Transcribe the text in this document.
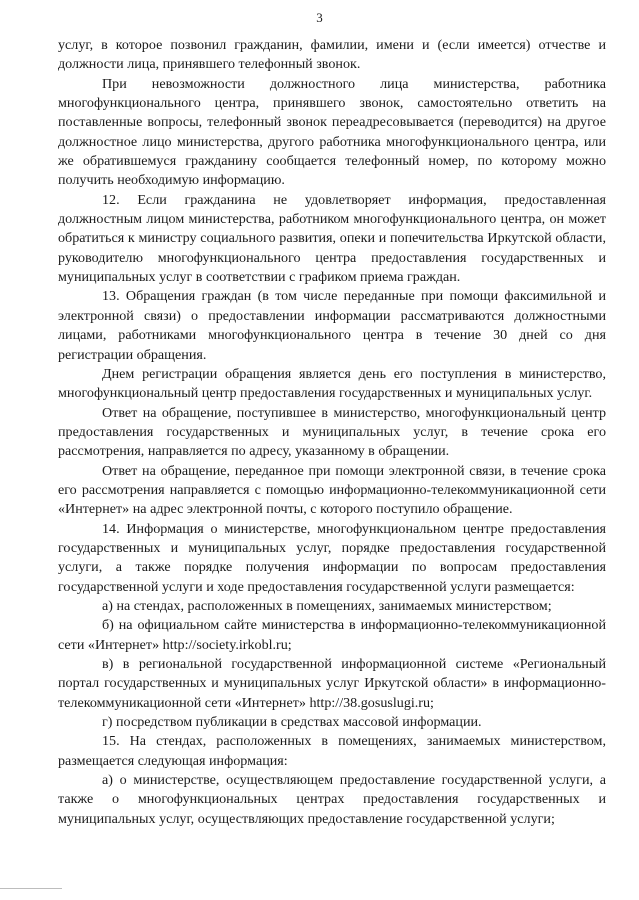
3

услуг, в которое позвонил гражданин, фамилии, имени и (если имеется) отчестве и должности лица, принявшего телефонный звонок.

При невозможности должностного лица министерства, работника многофункционального центра, принявшего звонок, самостоятельно ответить на поставленные вопросы, телефонный звонок переадресовывается (переводится) на другое должностное лицо министерства, другого работника многофункционального центра, или же обратившемуся гражданину сообщается телефонный номер, по которому можно получить необходимую информацию.

12. Если гражданина не удовлетворяет информация, предоставленная должностным лицом министерства, работником многофункционального центра, он может обратиться к министру социального развития, опеки и попечительства Иркутской области, руководителю многофункционального центра предоставления государственных и муниципальных услуг в соответствии с графиком приема граждан.

13. Обращения граждан (в том числе переданные при помощи факсимильной и электронной связи) о предоставлении информации рассматриваются должностными лицами, работниками многофункционального центра в течение 30 дней со дня регистрации обращения.

Днем регистрации обращения является день его поступления в министерство, многофункциональный центр предоставления государственных и муниципальных услуг.

Ответ на обращение, поступившее в министерство, многофункциональный центр предоставления государственных и муниципальных услуг, в течение срока его рассмотрения, направляется по адресу, указанному в обращении.

Ответ на обращение, переданное при помощи электронной связи, в течение срока его рассмотрения направляется с помощью информационно-телекоммуникационной сети «Интернет» на адрес электронной почты, с которого поступило обращение.

14. Информация о министерстве, многофункциональном центре предоставления государственных и муниципальных услуг, порядке предоставления государственной услуги, а также порядке получения информации по вопросам предоставления государственной услуги и ходе предоставления государственной услуги размещается:

а) на стендах, расположенных в помещениях, занимаемых министерством;

б) на официальном сайте министерства в информационно-телекоммуникационной сети «Интернет» http://society.irkobl.ru;

в) в региональной государственной информационной системе «Региональный портал государственных и муниципальных услуг Иркутской области» в информационно-телекоммуникационной сети «Интернет» http://38.gosuslugi.ru;

г) посредством публикации в средствах массовой информации.

15. На стендах, расположенных в помещениях, занимаемых министерством, размещается следующая информация:

а) о министерстве, осуществляющем предоставление государственной услуги, а также о многофункциональных центрах предоставления государственных и муниципальных услуг, осуществляющих предоставление государственной услуги;
